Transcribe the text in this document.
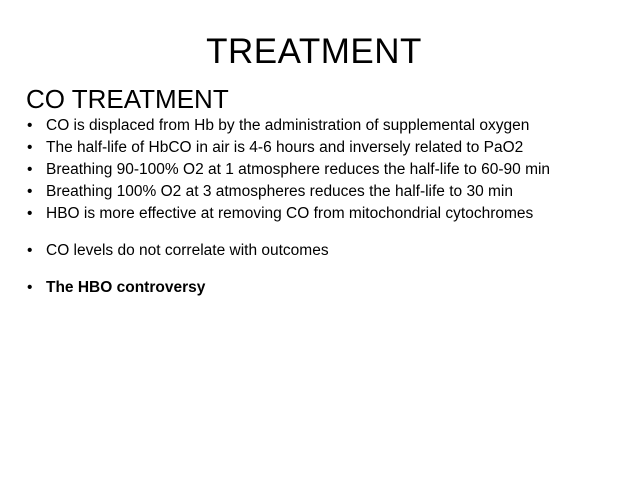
TREATMENT
CO TREATMENT
• CO is displaced from Hb by the administration of supplemental oxygen
• The half-life of HbCO in air is 4-6 hours and inversely related to PaO2
• Breathing 90-100% O2 at 1 atmosphere reduces the half-life to 60-90 min
• Breathing 100% O2 at 3 atmospheres reduces the half-life to 30 min
• HBO is more effective at removing CO from mitochondrial cytochromes
• CO levels do not correlate with outcomes
• The HBO controversy
